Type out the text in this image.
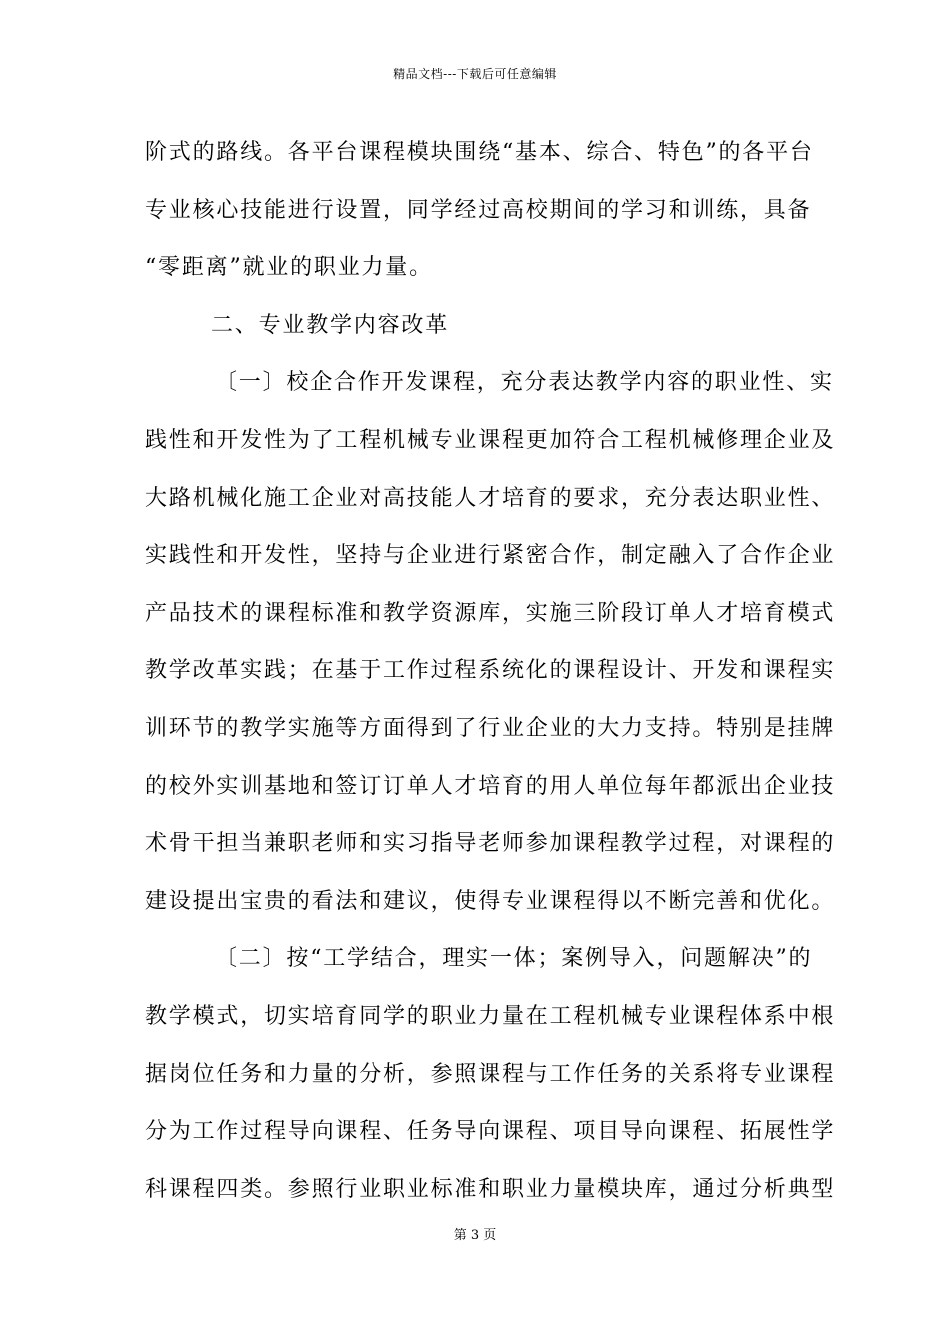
精品文档---下载后可任意编辑
阶式的路线。各平台课程模块围绕“基本、综合、特色”的各平台
专业核心技能进行设置，同学经过高校期间的学习和训练，具备
“零距离”就业的职业力量。
二、专业教学内容改革
〔一〕校企合作开发课程，充分表达教学内容的职业性、实
践性和开发性为了工程机械专业课程更加符合工程机械修理企业及
大路机械化施工企业对高技能人才培育的要求，充分表达职业性、
实践性和开发性，坚持与企业进行紧密合作，制定融入了合作企业
产品技术的课程标准和教学资源库，实施三阶段订单人才培育模式
教学改革实践；在基于工作过程系统化的课程设计、开发和课程实
训环节的教学实施等方面得到了行业企业的大力支持。特别是挂牌
的校外实训基地和签订订单人才培育的用人单位每年都派出企业技
术骨干担当兼职老师和实习指导老师参加课程教学过程，对课程的
建设提出宝贵的看法和建议，使得专业课程得以不断完善和优化。
〔二〕按“工学结合，理实一体；案例导入，问题解决”的
教学模式，切实培育同学的职业力量在工程机械专业课程体系中根
据岗位任务和力量的分析，参照课程与工作任务的关系将专业课程
分为工作过程导向课程、任务导向课程、项目导向课程、拓展性学
科课程四类。参照行业职业标准和职业力量模块库，通过分析典型
第 3 页
